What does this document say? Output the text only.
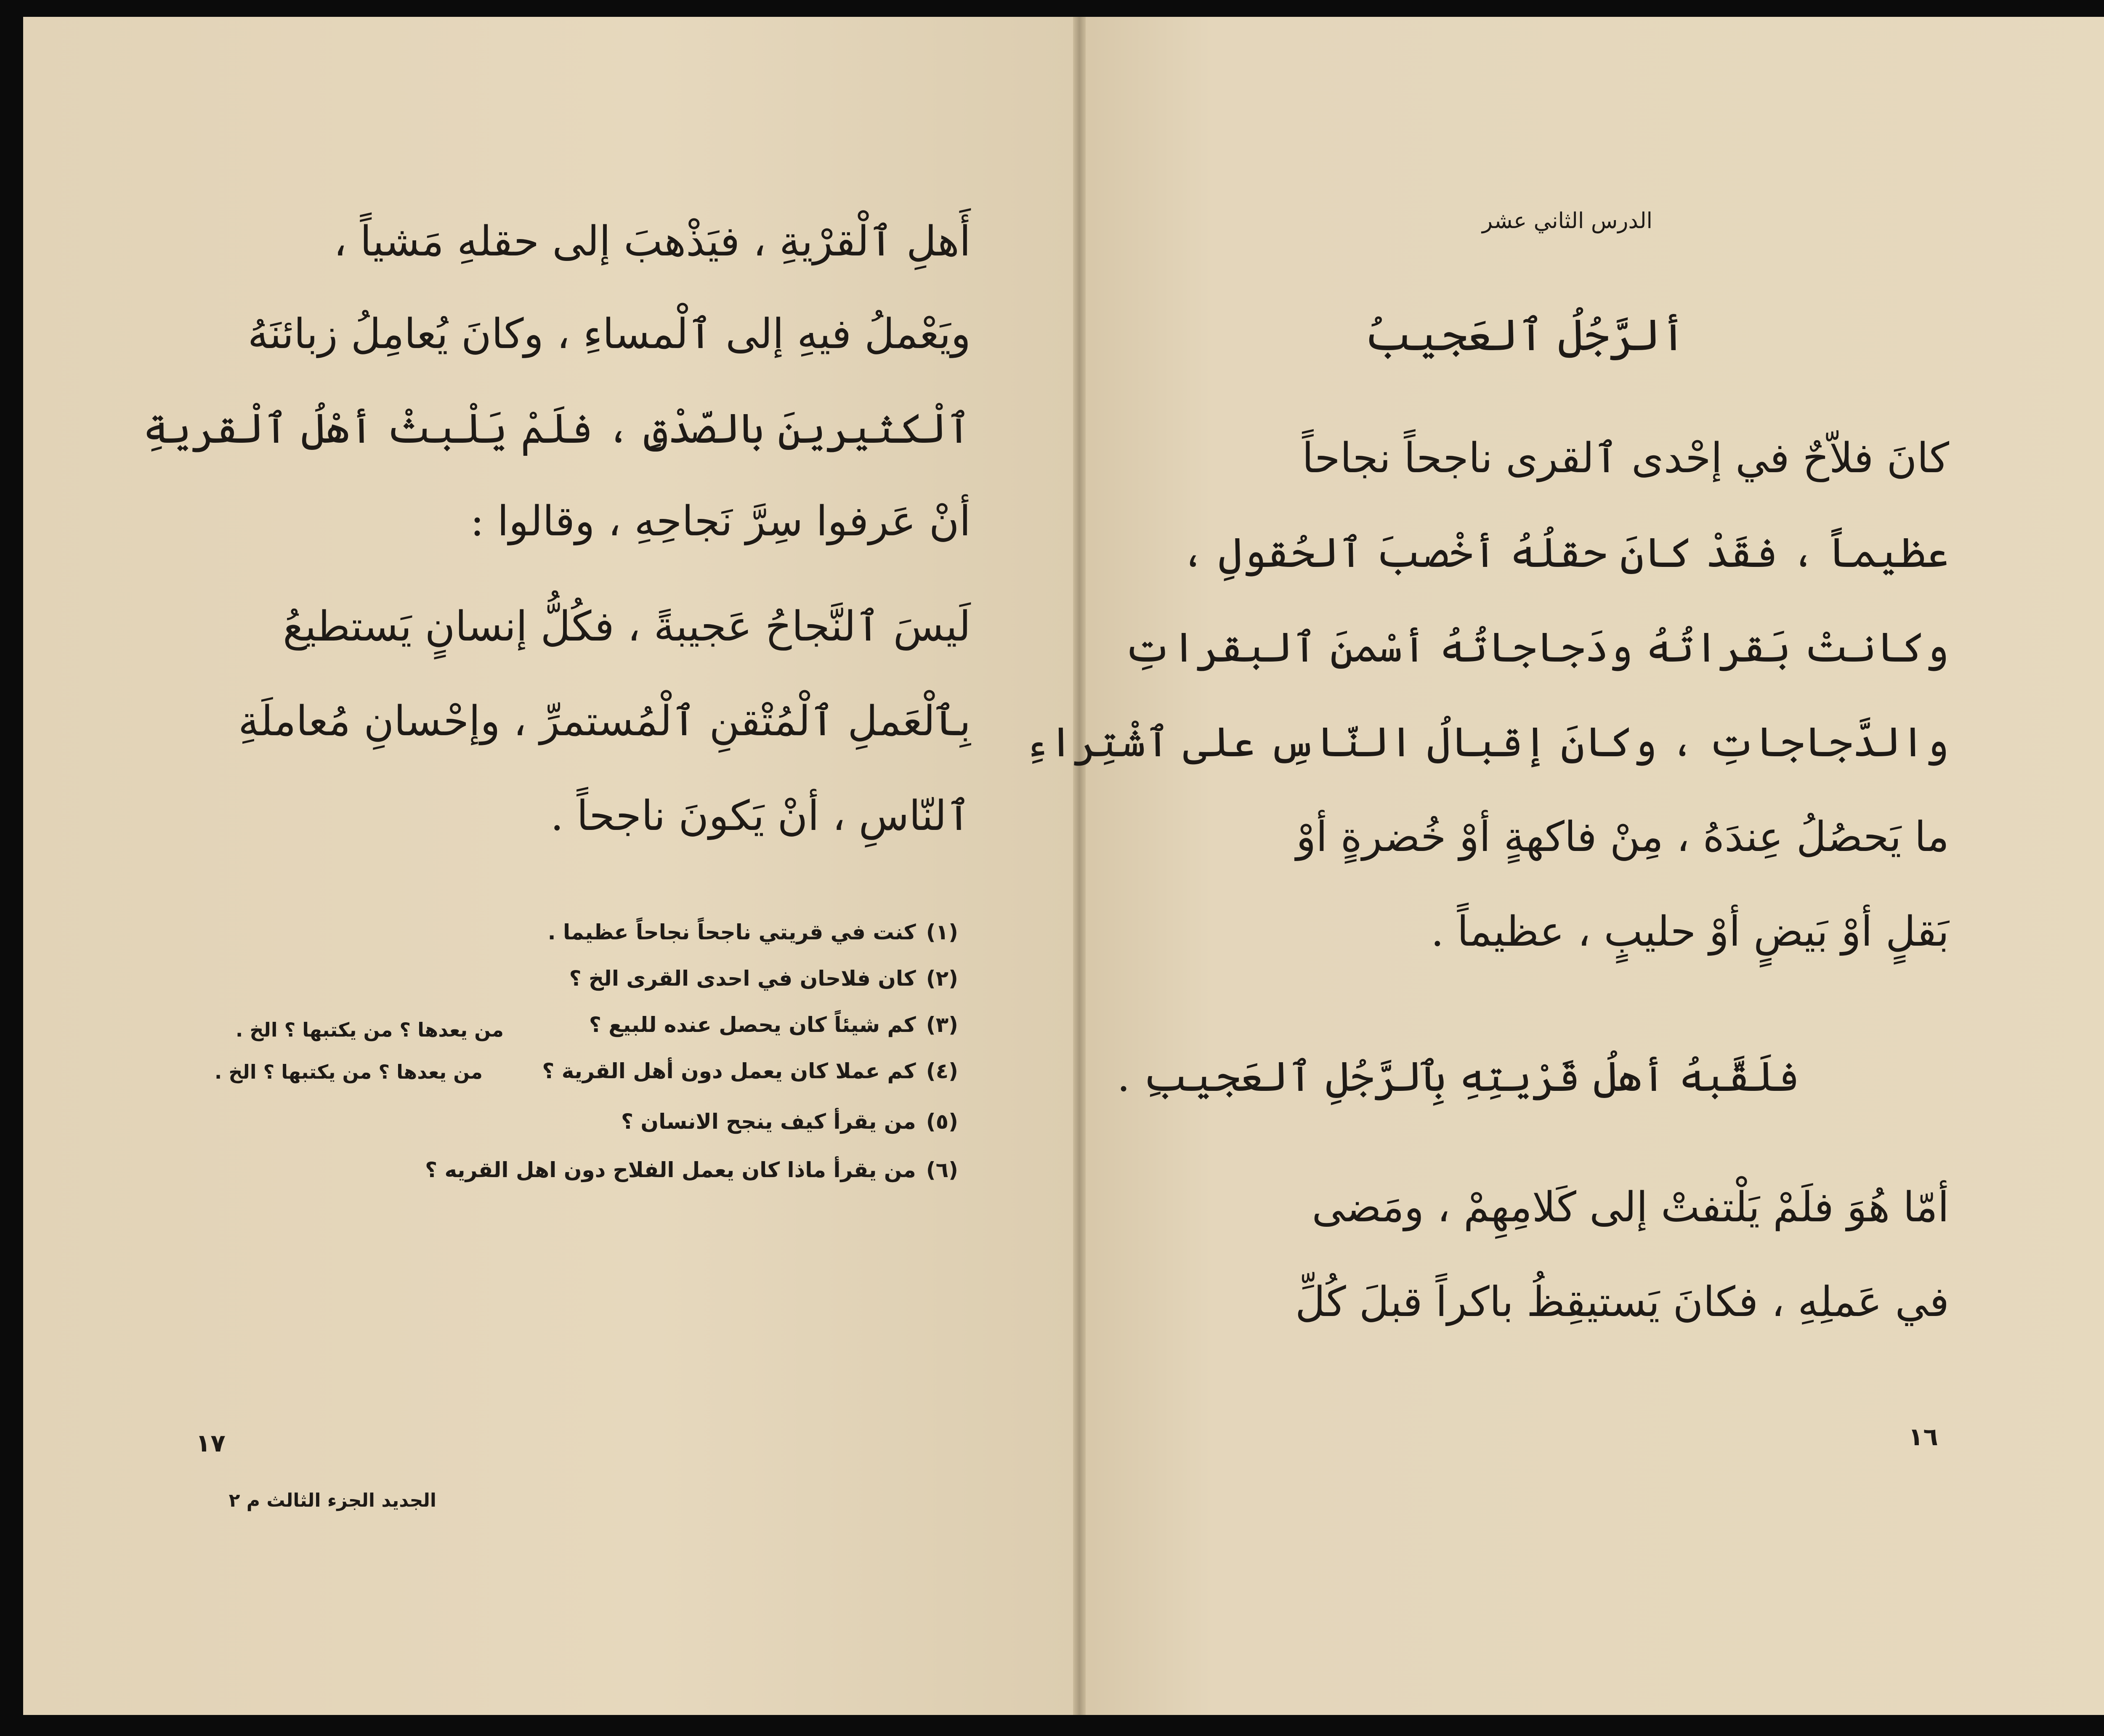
أَهلِ ٱلْقرْيةِ ، فيَذْهبَ إلى حقلهِ مَشياً ،
ويَعْملُ فيهِ إلى ٱلْمساءِ ، وكانَ يُعامِلُ زبائنَهُ
ٱلْكثيرينَ بالصّدْقِ ، فلَمْ يَلْبثْ أهْلُ ٱلْقريةِ
أنْ عَرفوا سِرَّ نَجاحِهِ ، وقالوا :
لَيسَ ٱلنَّجاحُ عَجيبةً ، فكُلُّ إنسانٍ يَستطيعُ
بِٱلْعَملِ ٱلْمُتْقنِ ٱلْمُستمرِّ ، وإحْسانِ مُعاملَةِ
ٱلنّاسِ ، أنْ يَكونَ ناجحاً .
(١)كنت في قريتي ناجحاً نجاحاً عظيما .
(٢)كان فلاحان في احدى القرى الخ ؟
(٣)كم شيئاً كان يحصل عنده للبيع ؟
(٤)كم عملا كان يعمل دون أهل القرية ؟
(٥)من يقرأ كيف ينجح الانسان ؟
(٦)من يقرأ ماذا كان يعمل الفلاح دون اهل القريه ؟
من يعدها ؟ من يكتبها ؟ الخ .
من يعدها ؟ من يكتبها ؟ الخ .
١٧
الجديد الجزء الثالث م ٢
الدرس الثاني عشر
ألرَّجُلُ ٱلعَجيبُ
كانَ فلاّحٌ في إحْدى ٱلقرى ناجحاً نجاحاً
عظيماً ، فقَدْ كانَ حقلُهُ أخْصبَ ٱلحُقولِ ،
وكانتْ بَقراتُهُ ودَجاجاتُهُ أسْمنَ ٱلبقراتِ
والدَّجاجاتِ ، وكانَ إقبالُ النّاسِ على ٱشْتِراءِ
ما يَحصُلُ عِندَهُ ، مِنْ فاكهةٍ أوْ خُضرةٍ أوْ
بَقلٍ أوْ بَيضٍ أوْ حليبٍ ، عظيماً .
فلَقَّبهُ أهلُ قَرْيتِهِ بِٱلرَّجُلِ ٱلعَجيبِ .
أمّا هُوَ فلَمْ يَلْتفتْ إلى كَلامِهِمْ ، ومَضى
في عَملِهِ ، فكانَ يَستيقِظُ باكراً قبلَ كُلِّ
١٦
